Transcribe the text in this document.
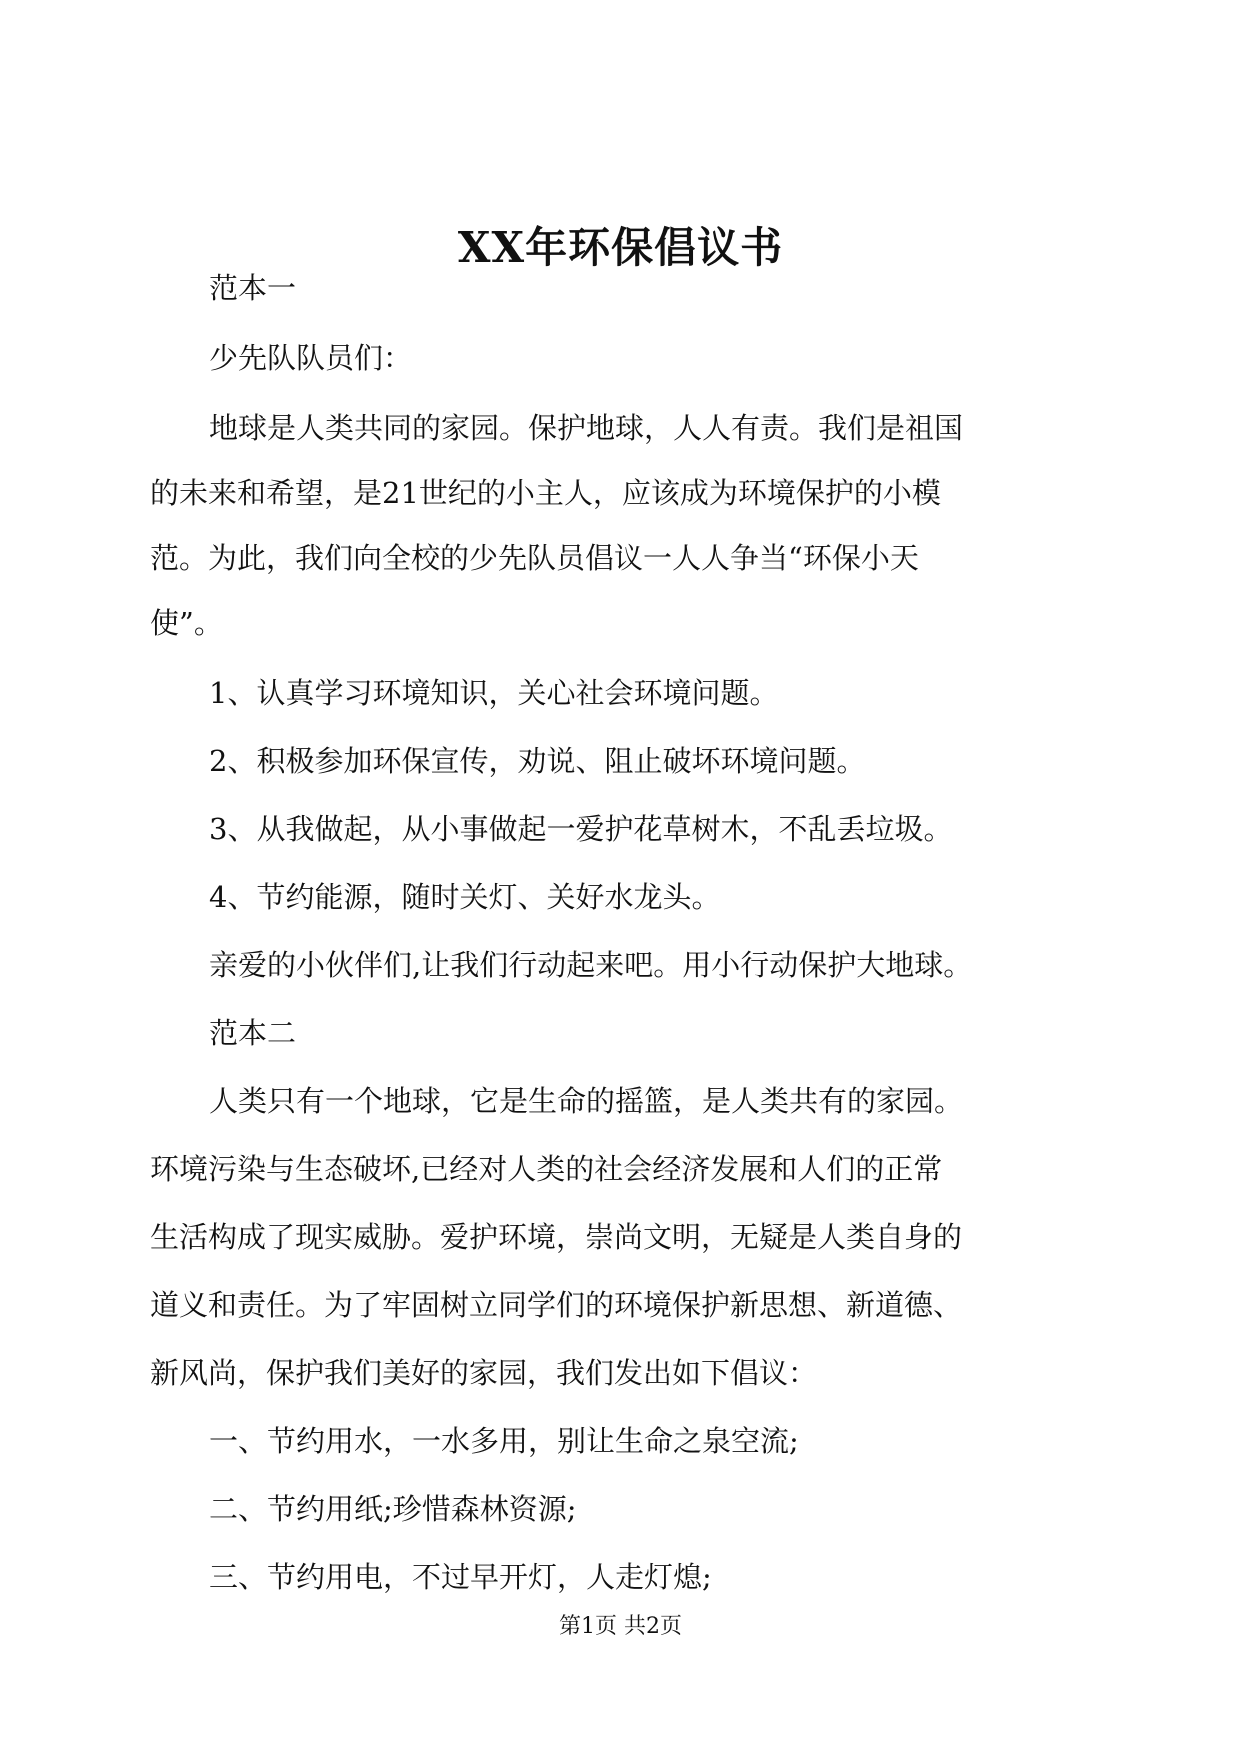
XX年环保倡议书
范本一
少先队队员们：
地球是人类共同的家园。保护地球，人人有责。我们是祖国
的未来和希望，是21世纪的小主人，应该成为环境保护的小模
范。为此，我们向全校的少先队员倡议一人人争当“环保小天
使”。
1、认真学习环境知识，关心社会环境问题。
2、积极参加环保宣传，劝说、阻止破坏环境问题。
3、从我做起，从小事做起一爱护花草树木，不乱丢垃圾。
4、节约能源，随时关灯、关好水龙头。
亲爱的小伙伴们,让我们行动起来吧。用小行动保护大地球。
范本二
人类只有一个地球，它是生命的摇篮，是人类共有的家园。
环境污染与生态破坏,已经对人类的社会经济发展和人们的正常
生活构成了现实威胁。爱护环境，崇尚文明，无疑是人类自身的
道义和责任。为了牢固树立同学们的环境保护新思想、新道德、
新风尚，保护我们美好的家园，我们发出如下倡议：
一、节约用水，一水多用，别让生命之泉空流;
二、节约用纸;珍惜森林资源;
三、节约用电，不过早开灯，人走灯熄;
第1页 共2页
